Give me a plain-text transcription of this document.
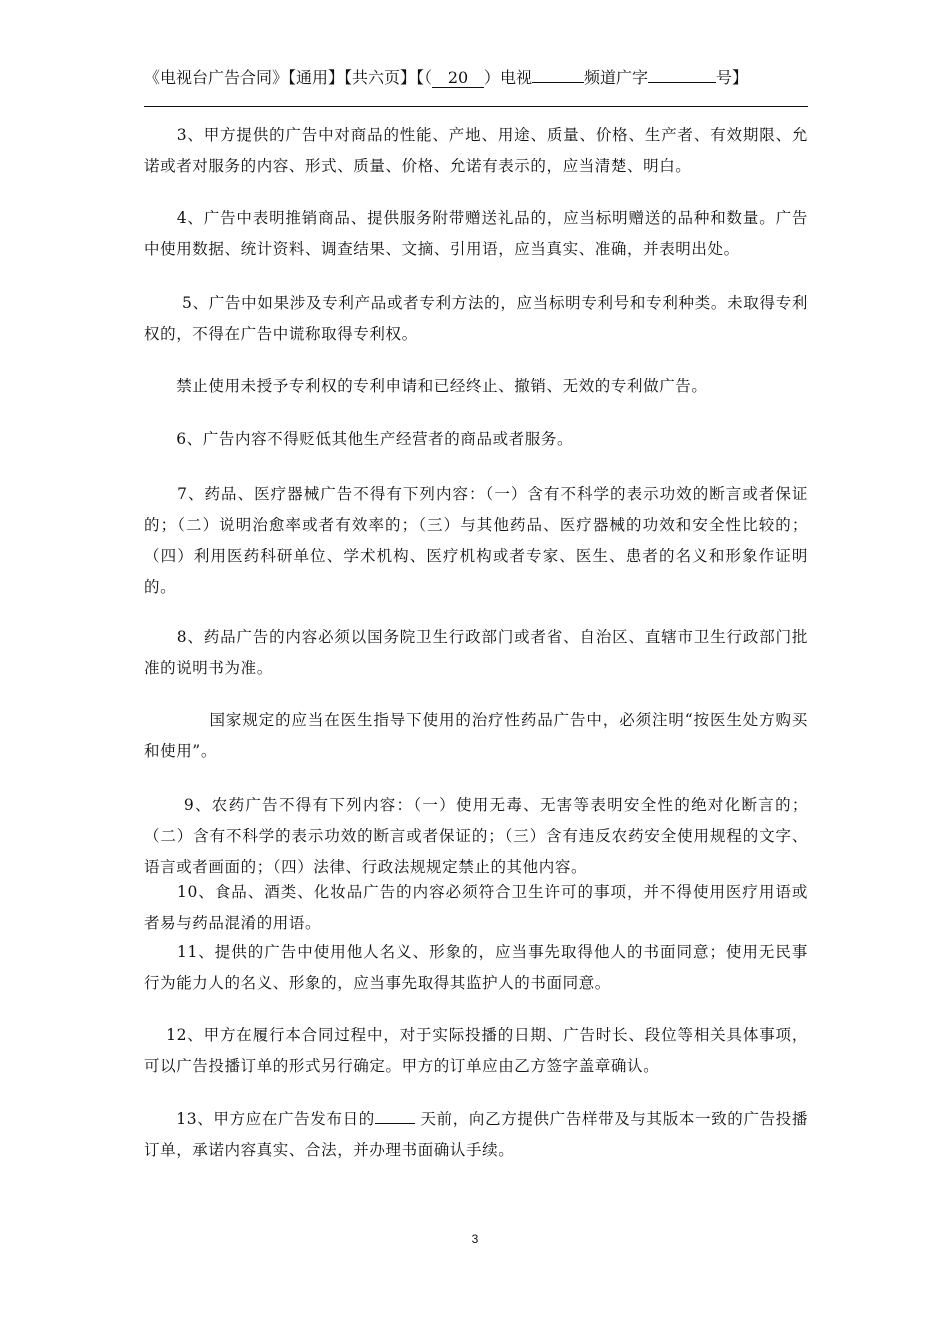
《电视台广告合同》【通用】【共六页】【（ 20 ）电视	频道广字	号】

　　3、甲方提供的广告中对商品的性能、产地、用途、质量、价格、生产者、有效期限、允诺或者对服务的内容、形式、质量、价格、允诺有表示的，应当清楚、明白。

　　4、广告中表明推销商品、提供服务附带赠送礼品的，应当标明赠送的品种和数量。广告中使用数据、统计资料、调查结果、文摘、引用语，应当真实、准确，并表明出处。

　　 5、广告中如果涉及专利产品或者专利方法的，应当标明专利号和专利种类。未取得专利权的，不得在广告中谎称取得专利权。

　　禁止使用未授予专利权的专利申请和已经终止、撤销、无效的专利做广告。

　　6、广告内容不得贬低其他生产经营者的商品或者服务。

　　7、药品、医疗器械广告不得有下列内容：（一）含有不科学的表示功效的断言或者保证的；（二）说明治愈率或者有效率的；（三）与其他药品、医疗器械的功效和安全性比较的；（四）利用医药科研单位、学术机构、医疗机构或者专家、医生、患者的名义和形象作证明的。

　　8、药品广告的内容必须以国务院卫生行政部门或者省、自治区、直辖市卫生行政部门批准的说明书为准。

　　　　国家规定的应当在医生指导下使用的治疗性药品广告中，必须注明“按医生处方购买和使用”。

　　 9、农药广告不得有下列内容：（一）使用无毒、无害等表明安全性的绝对化断言的；（二）含有不科学的表示功效的断言或者保证的；（三）含有违反农药安全使用规程的文字、语言或者画面的；（四）法律、行政法规规定禁止的其他内容。

　　10、食品、酒类、化妆品广告的内容必须符合卫生许可的事项，并不得使用医疗用语或者易与药品混淆的用语。

　　11、提供的广告中使用他人名义、形象的，应当事先取得他人的书面同意；使用无民事行为能力人的名义、形象的，应当事先取得其监护人的书面同意。

　 12、甲方在履行本合同过程中，对于实际投播的日期、广告时长、段位等相关具体事项，可以广告投播订单的形式另行确定。甲方的订单应由乙方签字盖章确认。

　　13、甲方应在广告发布日的	天前，向乙方提供广告样带及与其版本一致的广告投播订单，承诺内容真实、合法，并办理书面确认手续。

3
